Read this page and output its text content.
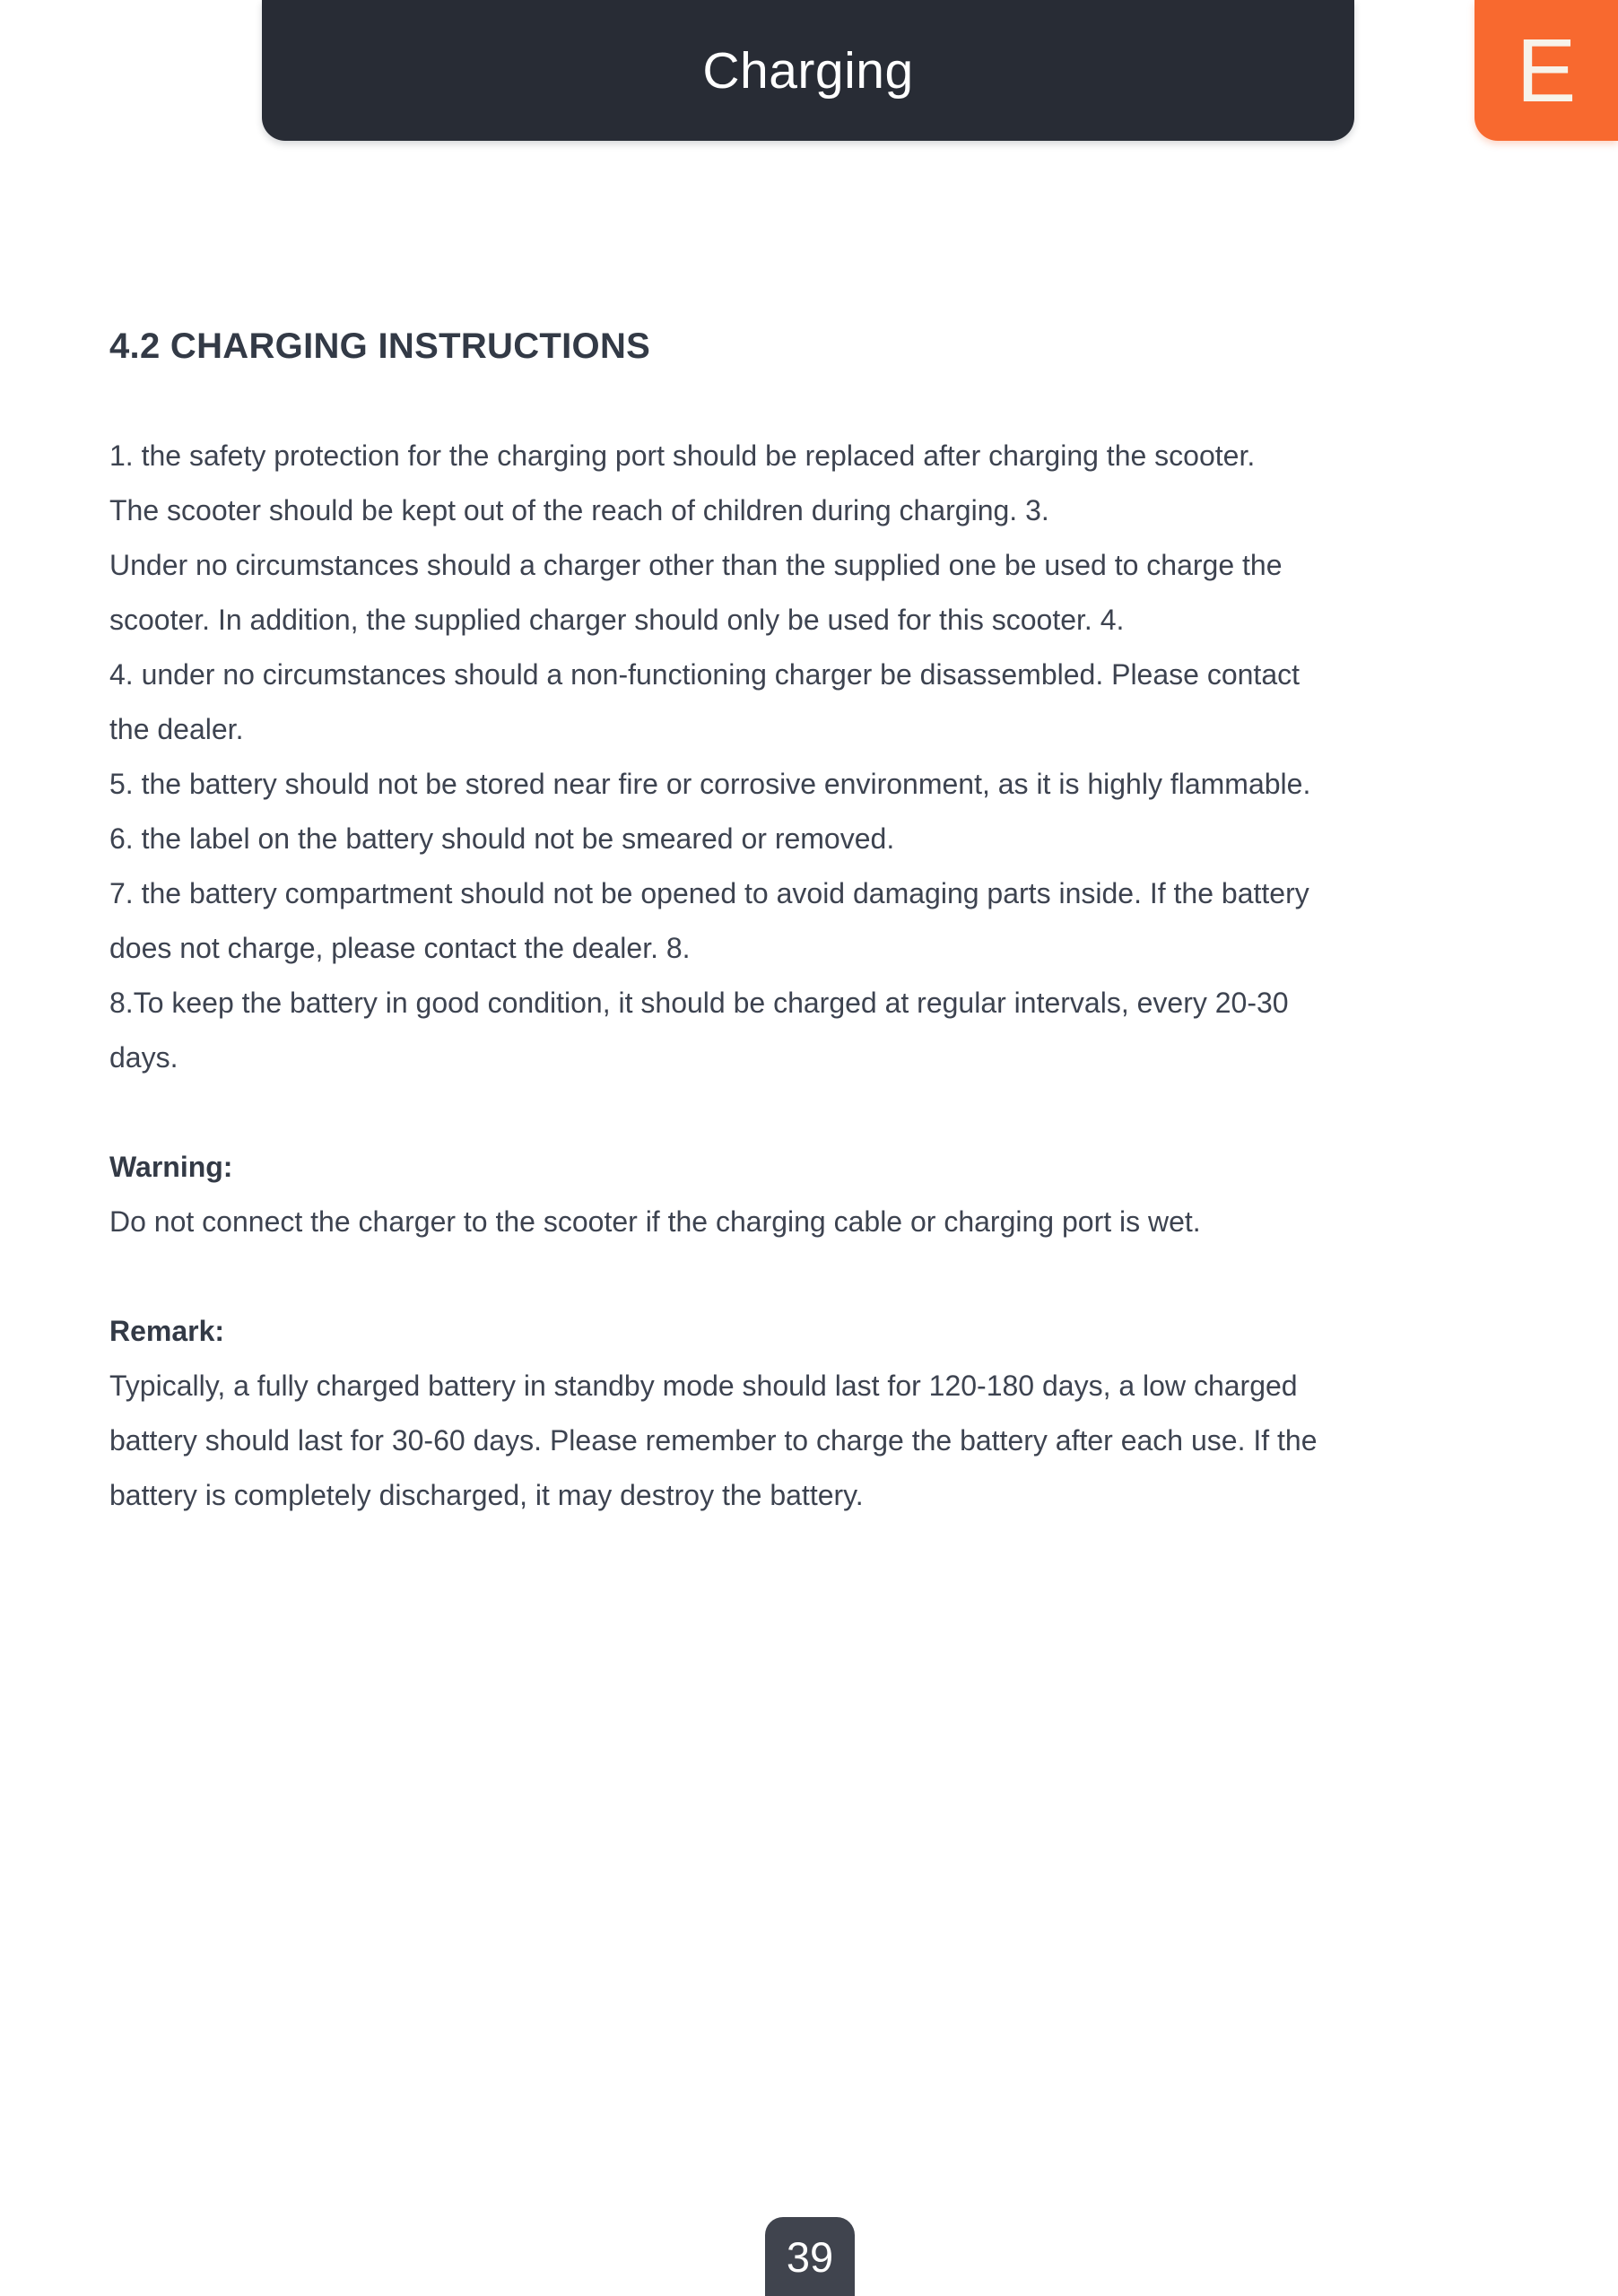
Charging	E
4.2 CHARGING INSTRUCTIONS
1. the safety protection for the charging port should be replaced after charging the scooter.
The scooter should be kept out of the reach of children during charging. 3.
Under no circumstances should a charger other than the supplied one be used to charge the
scooter. In addition, the supplied charger should only be used for this scooter. 4.
4. under no circumstances should a non-functioning charger be disassembled. Please contact
the dealer.
5. the battery should not be stored near fire or corrosive environment, as it is highly flammable.
6. the label on the battery should not be smeared or removed.
7. the battery compartment should not be opened to avoid damaging parts inside. If the battery
does not charge, please contact the dealer. 8.
8.To keep the battery in good condition, it should be charged at regular intervals, every 20-30
days.
Warning:
Do not connect the charger to the scooter if the charging cable or charging port is wet.
Remark:
Typically, a fully charged battery in standby mode should last for 120-180 days, a low charged
battery should last for 30-60 days. Please remember to charge the battery after each use. If the
battery is completely discharged, it may destroy the battery.
39
